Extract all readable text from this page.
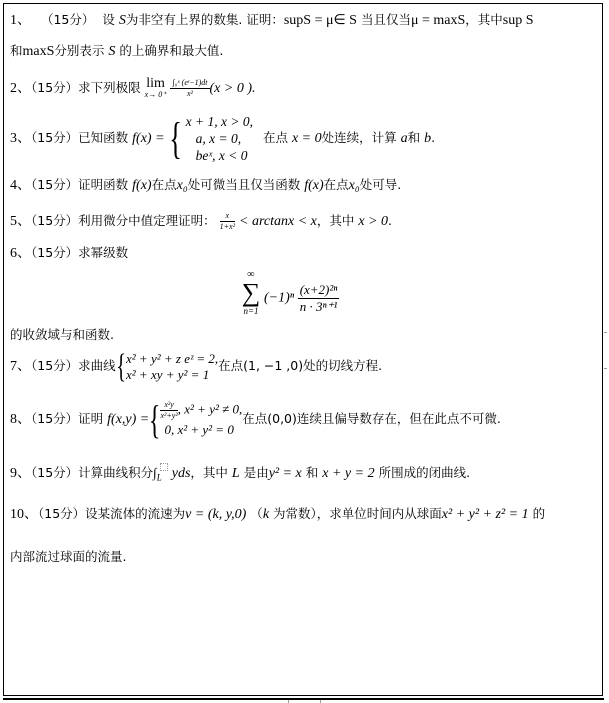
1、 （15分） 设 S为非空有上界的数集. 证明：supS = μ∈ S 当且仅当μ = maxS，其中sup S
和maxS分别表示 S 的上确界和最大值.
2、（15分）求下列极限 lim
x→ 0⁺
$\frac{\text{∫₀ˣ (eᵗ−1)dt}}{\text{x²}} (x > 0$ ).
3、（15分）已知函数 f(x) = { x + 1, x > 0,
a, x = 0,
beˣ, x < 0
在点 x = 0处连续，计算 a和 b.
4、（15分）证明函数 f(x)在点x₀处可微当且仅当函数 f(x)在点x₀处可导.
5、（15分）利用微分中值定理证明： $\frac{x}{\text{1+x²}} < \arctan x < x$，其中 x > 0.
6、（15分）求幂级数
∞
∑
n=1
$(-1)^n \frac{\text{(x+2)²ⁿ}}{\text{n · 3ⁿ⁺¹}}$
的收敛域与和函数.
7、（15分）求曲线{ x² + y² + z eᶻ = 2,
x² + xy + y² = 1
在点(1, −1 ,0)处的切线方程.
8、（15分）证明 f(x,y) ={ $\frac{\text{x²y}}{\text{x²+y²}}$ , x² + y² ≠ 0,
0, x² + y² = 0
在点(0,0)连续且偏导数存在，但在此点不可微.
9、（15分）计算曲线积分$\int_L$ yds，其中 L 是由y² = x 和 x + y = 2 所围成的闭曲线.
10、（15分）设某流体的流速为v = (k, y,0) （k 为常数），求单位时间内从球面x² + y² + z² = 1 的
内部流过球面的流量.
